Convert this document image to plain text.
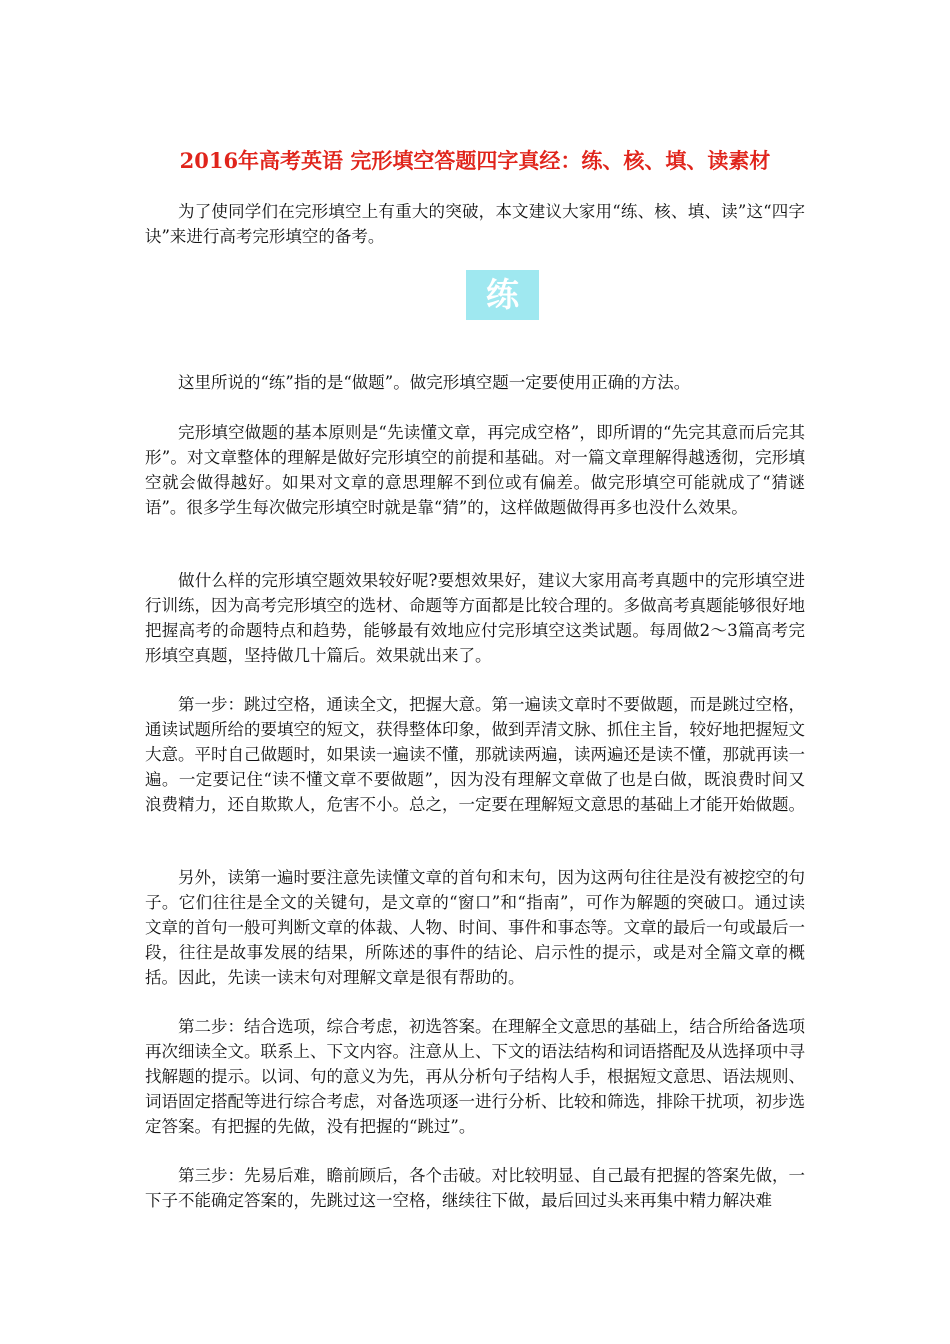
2016年高考英语 完形填空答题四字真经：练、核、填、读素材

为了使同学们在完形填空上有重大的突破，本文建议大家用“练、核、填、读”这“四字诀”来进行高考完形填空的备考。

练

这里所说的“练”指的是“做题”。做完形填空题一定要使用正确的方法。

完形填空做题的基本原则是“先读懂文章，再完成空格”，即所谓的“先完其意而后完其形”。对文章整体的理解是做好完形填空的前提和基础。对一篇文章理解得越透彻，完形填空就会做得越好。如果对文章的意思理解不到位或有偏差。做完形填空可能就成了“猜谜语”。很多学生每次做完形填空时就是靠“猜”的，这样做题做得再多也没什么效果。

做什么样的完形填空题效果较好呢?要想效果好，建议大家用高考真题中的完形填空进行训练，因为高考完形填空的选材、命题等方面都是比较合理的。多做高考真题能够很好地把握高考的命题特点和趋势，能够最有效地应付完形填空这类试题。每周做2～3篇高考完形填空真题，坚持做几十篇后。效果就出来了。

第一步：跳过空格，通读全文，把握大意。第一遍读文章时不要做题，而是跳过空格，通读试题所给的要填空的短文，获得整体印象，做到弄清文脉、抓住主旨，较好地把握短文大意。平时自己做题时，如果读一遍读不懂，那就读两遍，读两遍还是读不懂，那就再读一遍。一定要记住“读不懂文章不要做题”，因为没有理解文章做了也是白做，既浪费时间又浪费精力，还自欺欺人，危害不小。总之，一定要在理解短文意思的基础上才能开始做题。

另外，读第一遍时要注意先读懂文章的首句和末句，因为这两句往往是没有被挖空的句子。它们往往是全文的关键句，是文章的“窗口”和“指南”，可作为解题的突破口。通过读文章的首句一般可判断文章的体裁、人物、时间、事件和事态等。文章的最后一句或最后一段，往往是故事发展的结果，所陈述的事件的结论、启示性的提示，或是对全篇文章的概括。因此，先读一读末句对理解文章是很有帮助的。

第二步：结合选项，综合考虑，初选答案。在理解全文意思的基础上，结合所给备选项再次细读全文。联系上、下文内容。注意从上、下文的语法结构和词语搭配及从选择项中寻找解题的提示。以词、句的意义为先，再从分析句子结构人手，根据短文意思、语法规则、词语固定搭配等进行综合考虑，对备选项逐一进行分析、比较和筛选，排除干扰项，初步选定答案。有把握的先做，没有把握的“跳过”。

第三步：先易后难，瞻前顾后，各个击破。对比较明显、自己最有把握的答案先做，一下子不能确定答案的，先跳过这一空格，继续往下做，最后回过头来再集中精力解决难
